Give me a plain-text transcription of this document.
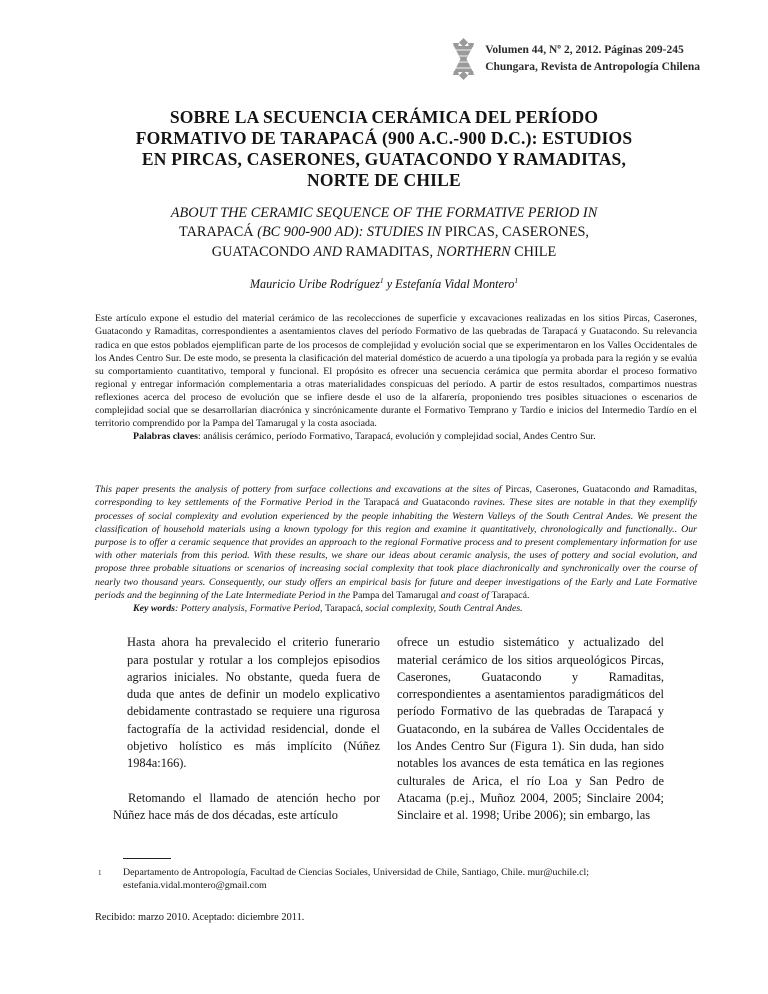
Volumen 44, Nº 2, 2012. Páginas 209-245
Chungara, Revista de Antropología Chilena
SOBRE LA SECUENCIA CERÁMICA DEL PERÍODO
FORMATIVO DE TARAPACÁ (900 A.C.-900 D.C.): ESTUDIOS
EN PIRCAS, CASERONES, GUATACONDO Y RAMADITAS,
NORTE DE CHILE
ABOUT THE CERAMIC SEQUENCE OF THE FORMATIVE PERIOD IN
TARAPACÁ (BC 900-900 AD): STUDIES IN PIRCAS, CASERONES,
GUATACONDO AND RAMADITAS, NORTHERN CHILE
Mauricio Uribe Rodríguez$^1$ y Estefanía Vidal Montero$^1$
Este artículo expone el estudio del material cerámico de las recolecciones de superficie y excavaciones realizadas en los sitios Pircas, Caserones, Guatacondo y Ramaditas, correspondientes a asentamientos claves del período Formativo de las quebradas de Tarapacá y Guatacondo. Su relevancia radica en que estos poblados ejemplifican parte de los procesos de complejidad y evolución social que se experimentaron en los Valles Occidentales de los Andes Centro Sur. De este modo, se presenta la clasificación del material doméstico de acuerdo a una tipología ya probada para la región y se evalúa su comportamiento cuantitativo, temporal y funcional. El propósito es ofrecer una secuencia cerámica que permita abordar el proceso formativo regional y entregar información complementaria a otras materialidades conspicuas del período. A partir de estos resultados, compartimos nuestras reflexiones acerca del proceso de evolución que se infiere desde el uso de la alfarería, proponiendo tres posibles situaciones o escenarios de complejidad social que se desarrollarían diacrónica y sincrónicamente durante el Formativo Temprano y Tardío e inicios del Intermedio Tardío en el territorio comprendido por la Pampa del Tamarugal y la costa asociada.
Palabras claves: análisis cerámico, período Formativo, Tarapacá, evolución y complejidad social, Andes Centro Sur.
This paper presents the analysis of pottery from surface collections and excavations at the sites of Pircas, Caserones, Guatacondo and Ramaditas, corresponding to key settlements of the Formative Period in the Tarapacá and Guatacondo ravines. These sites are notable in that they exemplify processes of social complexity and evolution experienced by the people inhabiting the Western Valleys of the South Central Andes. We present the classification of household materials using a known typology for this region and examine it quantitatively, chronologically and functionally.. Our purpose is to offer a ceramic sequence that provides an approach to the regional Formative process and to present complementary information for use with other materials from this period. With these results, we share our ideas about ceramic analysis, the uses of pottery and social evolution, and propose three probable situations or scenarios of increasing social complexity that took place diachronically and synchronically over the course of nearly two thousand years. Consequently, our study offers an empirical basis for future and deeper investigations of the Early and Late Formative periods and the beginning of the Late Intermediate Period in the Pampa del Tamarugal and coast of Tarapacá.
Key words: Pottery analysis, Formative Period, Tarapacá, social complexity, South Central Andes.
Hasta ahora ha prevalecido el criterio funerario para postular y rotular a los complejos episodios agrarios iniciales. No obstante, queda fuera de duda que antes de definir un modelo explicativo debidamente contrastado se requiere una rigurosa factografía de la actividad residencial, donde el objetivo holístico es más implícito (Núñez 1984a:166).
Retomando el llamado de atención hecho por Núñez hace más de dos décadas, este artículo
ofrece un estudio sistemático y actualizado del material cerámico de los sitios arqueológicos Pircas, Caserones, Guatacondo y Ramaditas, correspondientes a asentamientos paradigmáticos del período Formativo de las quebradas de Tarapacá y Guatacondo, en la subárea de Valles Occidentales de los Andes Centro Sur (Figura 1). Sin duda, han sido notables los avances de esta temática en las regiones culturales de Arica, el río Loa y San Pedro de Atacama (p.ej., Muñoz 2004, 2005; Sinclaire 2004; Sinclaire et al. 1998; Uribe 2006); sin embargo, las
1	Departamento de Antropología, Facultad de Ciencias Sociales, Universidad de Chile, Santiago, Chile. mur@uchile.cl; estefania.vidal.montero@gmail.com
Recibido: marzo 2010. Aceptado: diciembre 2011.
